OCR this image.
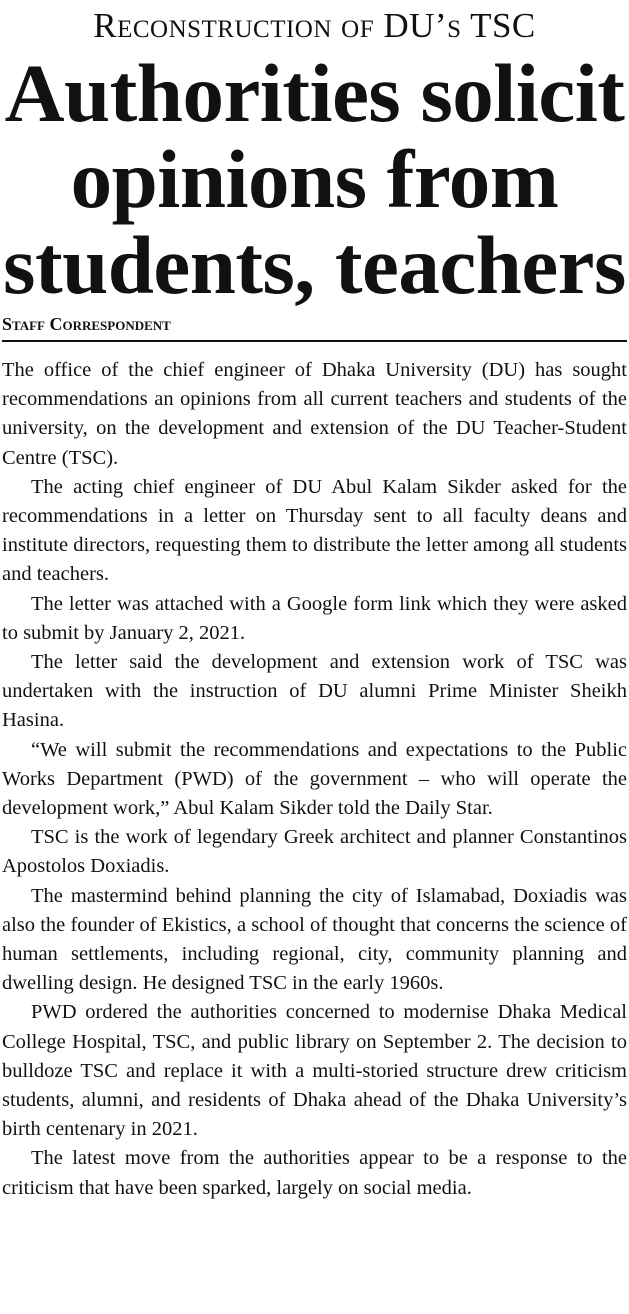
Reconstruction of DU’s TSC
Authorities solicit
opinions from
students, teachers
Staff Correspondent

The office of the chief engineer of Dhaka University (DU) has sought recommendations an opinions from all current teachers and students of the university, on the development and extension of the DU Teacher-Student Centre (TSC).

The acting chief engineer of DU Abul Kalam Sikder asked for the recommendations in a letter on Thursday sent to all faculty deans and institute directors, requesting them to distribute the letter among all students and teachers.

The letter was attached with a Google form link which they were asked to submit by January 2, 2021.

The letter said the development and extension work of TSC was undertaken with the instruction of DU alumni Prime Minister Sheikh Hasina.

“We will submit the recommendations and expectations to the Public Works Department (PWD) of the government – who will operate the development work,” Abul Kalam Sikder told the Daily Star.

TSC is the work of legendary Greek architect and planner Constantinos Apostolos Doxiadis.

The mastermind behind planning the city of Islamabad, Doxiadis was also the founder of Ekistics, a school of thought that concerns the science of human settlements, including regional, city, community planning and dwelling design. He designed TSC in the early 1960s.

PWD ordered the authorities concerned to modernise Dhaka Medical College Hospital, TSC, and public library on September 2. The decision to bulldoze TSC and replace it with a multi-storied structure drew criticism students, alumni, and residents of Dhaka ahead of the Dhaka University’s birth centenary in 2021.

The latest move from the authorities appear to be a response to the criticism that have been sparked, largely on social media.
